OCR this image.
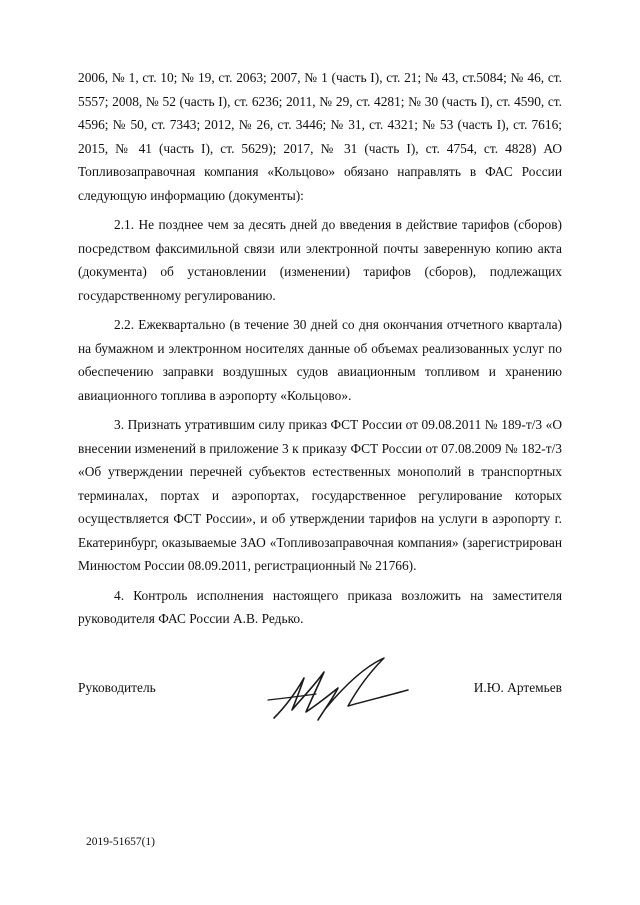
2006, № 1, ст. 10; № 19, ст. 2063; 2007, № 1 (часть I), ст. 21; № 43, ст.5084; № 46, ст. 5557; 2008, № 52 (часть I), ст. 6236; 2011, № 29, ст. 4281; № 30 (часть I), ст. 4590, ст. 4596; № 50, ст. 7343; 2012, № 26, ст. 3446; № 31, ст. 4321; № 53 (часть I), ст. 7616; 2015, № 41 (часть I), ст. 5629); 2017, № 31 (часть I), ст. 4754, ст. 4828) АО Топливозаправочная компания «Кольцово» обязано направлять в ФАС России следующую информацию (документы):

2.1. Не позднее чем за десять дней до введения в действие тарифов (сборов) посредством факсимильной связи или электронной почты заверенную копию акта (документа) об установлении (изменении) тарифов (сборов), подлежащих государственному регулированию.

2.2. Ежеквартально (в течение 30 дней со дня окончания отчетного квартала) на бумажном и электронном носителях данные об объемах реализованных услуг по обеспечению заправки воздушных судов авиационным топливом и хранению авиационного топлива в аэропорту «Кольцово».

3. Признать утратившим силу приказ ФСТ России от 09.08.2011 № 189-т/3 «О внесении изменений в приложение 3 к приказу ФСТ России от 07.08.2009 № 182-т/3 «Об утверждении перечней субъектов естественных монополий в транспортных терминалах, портах и аэропортах, государственное регулирование которых осуществляется ФСТ России», и об утверждении тарифов на услуги в аэропорту г. Екатеринбург, оказываемые ЗАО «Топливозаправочная компания» (зарегистрирован Минюстом России 08.09.2011, регистрационный № 21766).

4. Контроль исполнения настоящего приказа возложить на заместителя руководителя ФАС России А.В. Редько.

Руководитель	И.Ю. Артемьев
2019-51657(1)
